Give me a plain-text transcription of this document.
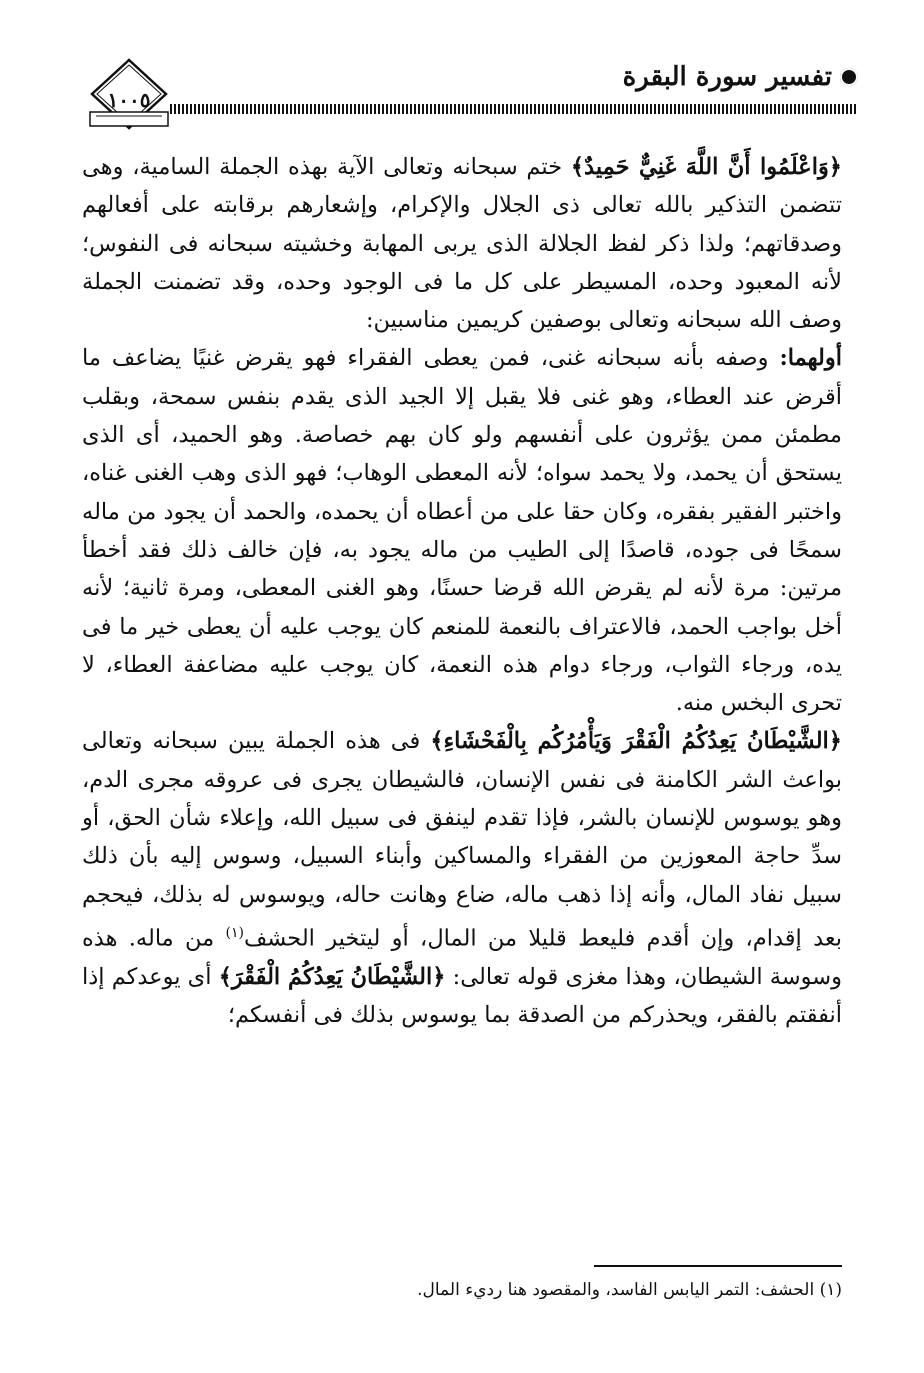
تفسير سورة البقرة
١٠٠٥

﴿وَاعْلَمُوا أَنَّ اللَّهَ غَنِيٌّ حَمِيدٌ﴾ ختم سبحانه وتعالى الآية بهذه الجملة السامية، وهى تتضمن التذكير بالله تعالى ذى الجلال والإكرام، وإشعارهم برقابته على أفعالهم وصدقاتهم؛ ولذا ذكر لفظ الجلالة الذى يربى المهابة وخشيته سبحانه فى النفوس؛ لأنه المعبود وحده، المسيطر على كل ما فى الوجود وحده، وقد تضمنت الجملة وصف الله سبحانه وتعالى بوصفين كريمين مناسبين:

أولهما: وصفه بأنه سبحانه غنى، فمن يعطى الفقراء فهو يقرض غنيًا يضاعف ما أقرض عند العطاء، وهو غنى فلا يقبل إلا الجيد الذى يقدم بنفس سمحة، وبقلب مطمئن ممن يؤثرون على أنفسهم ولو كان بهم خصاصة. وهو الحميد، أى الذى يستحق أن يحمد، ولا يحمد سواه؛ لأنه المعطى الوهاب؛ فهو الذى وهب الغنى غناه، واختبر الفقير بفقره، وكان حقا على من أعطاه أن يحمده، والحمد أن يجود من ماله سمحًا فى جوده، قاصدًا إلى الطيب من ماله يجود به، فإن خالف ذلك فقد أخطأ مرتين: مرة لأنه لم يقرض الله قرضا حسنًا، وهو الغنى المعطى، ومرة ثانية؛ لأنه أخل بواجب الحمد، فالاعتراف بالنعمة للمنعم كان يوجب عليه أن يعطى خير ما فى يده، ورجاء الثواب، ورجاء دوام هذه النعمة، كان يوجب عليه مضاعفة العطاء، لا تحرى البخس منه.

﴿الشَّيْطَانُ يَعِدُكُمُ الْفَقْرَ وَيَأْمُرُكُم بِالْفَحْشَاءِ﴾ فى هذه الجملة يبين سبحانه وتعالى بواعث الشر الكامنة فى نفس الإنسان، فالشيطان يجرى فى عروقه مجرى الدم، وهو يوسوس للإنسان بالشر، فإذا تقدم لينفق فى سبيل الله، وإعلاء شأن الحق، أو سدِّ حاجة المعوزين من الفقراء والمساكين وأبناء السبيل، وسوس إليه بأن ذلك سبيل نفاد المال، وأنه إذا ذهب ماله، ضاع وهانت حاله، ويوسوس له بذلك، فيحجم بعد إقدام، وإن أقدم فليعط قليلا من المال، أو ليتخير الحشف$^{(١)}$ من ماله. هذه وسوسة الشيطان، وهذا مغزى قوله تعالى: ﴿الشَّيْطَانُ يَعِدُكُمُ الْفَقْرَ﴾ أى يوعدكم إذا أنفقتم بالفقر، ويحذركم من الصدقة بما يوسوس بذلك فى أنفسكم؛

(١) الحشف: التمر اليابس الفاسد، والمقصود هنا رديء المال.
